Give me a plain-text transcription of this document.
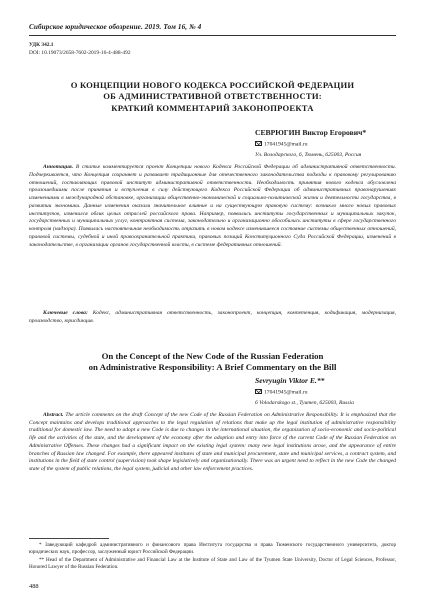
Сибирское юридическое обозрение. 2019. Том 16, № 4
УДК 342.1
DOI: 10.19073/2658-7602-2019-16-4-488-492
О КОНЦЕПЦИИ НОВОГО КОДЕКСА РОССИЙСКОЙ ФЕДЕРАЦИИ
ОБ АДМИНИСТРАТИВНОЙ ОТВЕТСТВЕННОСТИ:
КРАТКИЙ КОММЕНТАРИЙ ЗАКОНОПРОЕКТА
СЕВРЮГИН Виктор Егорович*
17041945@mail.ru
Ул. Володарского, 6, Тюмень, 625003, Россия
Аннотация. В статье комментируется проект Концепции нового Кодекса Российской Федерации об административной ответственности. Подчеркивается, что Концепция сохраняет и развивает традиционные для отечественного законодательства подходы к правовому регулированию отношений, составляющих правовой институт административной ответственности. Необходимость принятия нового кодекса обусловлена произошедшими после принятия и вступления в силу действующего Кодекса Российской Федерации об административных правонарушениях изменениями в международной обстановке, организации общественно-экономической и социально-политической жизни и деятельности государства, в развитии экономики. Данные изменения оказали значительное влияние и на существующую правовую систему: возникло много новых правовых институтов, изменился облик целых отраслей российского права. Например, появились институты государственных и муниципальных закупок, государственных и муниципальных услуг, контрактная система, законодательно и организационно обособились институты в сфере государственного контроля (надзора). Появилась настоятельная необходимость отразить в новом кодексе изменившееся состояние системы общественных отношений, правовой системы, судебной и иной правоохранительной практики, правовых позиций Конституционного Суда Российской Федерации, изменений в законодательстве, в организации органов государственной власти, в системе федеративных отношений.
Ключевые слова: Кодекс, административная ответственность, законопроект, концепция, компетенция, кодификация, модернизация, производство, юрисдикция.
On the Concept of the New Code of the Russian Federation
on Administrative Responsibility: A Brief Commentary on the Bill
Sevryugin Viktor E.**
17041945@mail.ru
6 Volodarskogo st., Tyumen, 625003, Russia
Abstract. The article comments on the draft Concept of the new Code of the Russian Federation on Administrative Responsibility. It is emphasized that the Concept maintains and develops traditional approaches to the legal regulation of relations that make up the legal institution of administrative responsibility traditional for domestic law. The need to adopt a new Code is due to changes in the international situation, the organization of socio-economic and socio-political life and the activities of the state, and the development of the economy after the adoption and entry into force of the current Code of the Russian Federation on Administrative Offenses. These changes had a significant impact on the existing legal system: many new legal institutions arose, and the appearance of entire branches of Russian law changed. For example, there appeared institutes of state and municipal procurement, state and municipal services, a contract system, and institutions in the field of state control (supervision) took shape legislatively and organizationally. There was an urgent need to reflect in the new Code the changed state of the system of public relations, the legal system, judicial and other law enforcement practices.
* Заведующий кафедрой административного и финансового права Института государства и права Тюменского государственного университета, доктор юридических наук, профессор, заслуженный юрист Российской Федерации.
** Head of the Department of Administrative and Financial Law at the Institute of State and Law of the Tyumen State University, Doctor of Legal Sciences, Professor, Honored Lawyer of the Russian Federation.
488
